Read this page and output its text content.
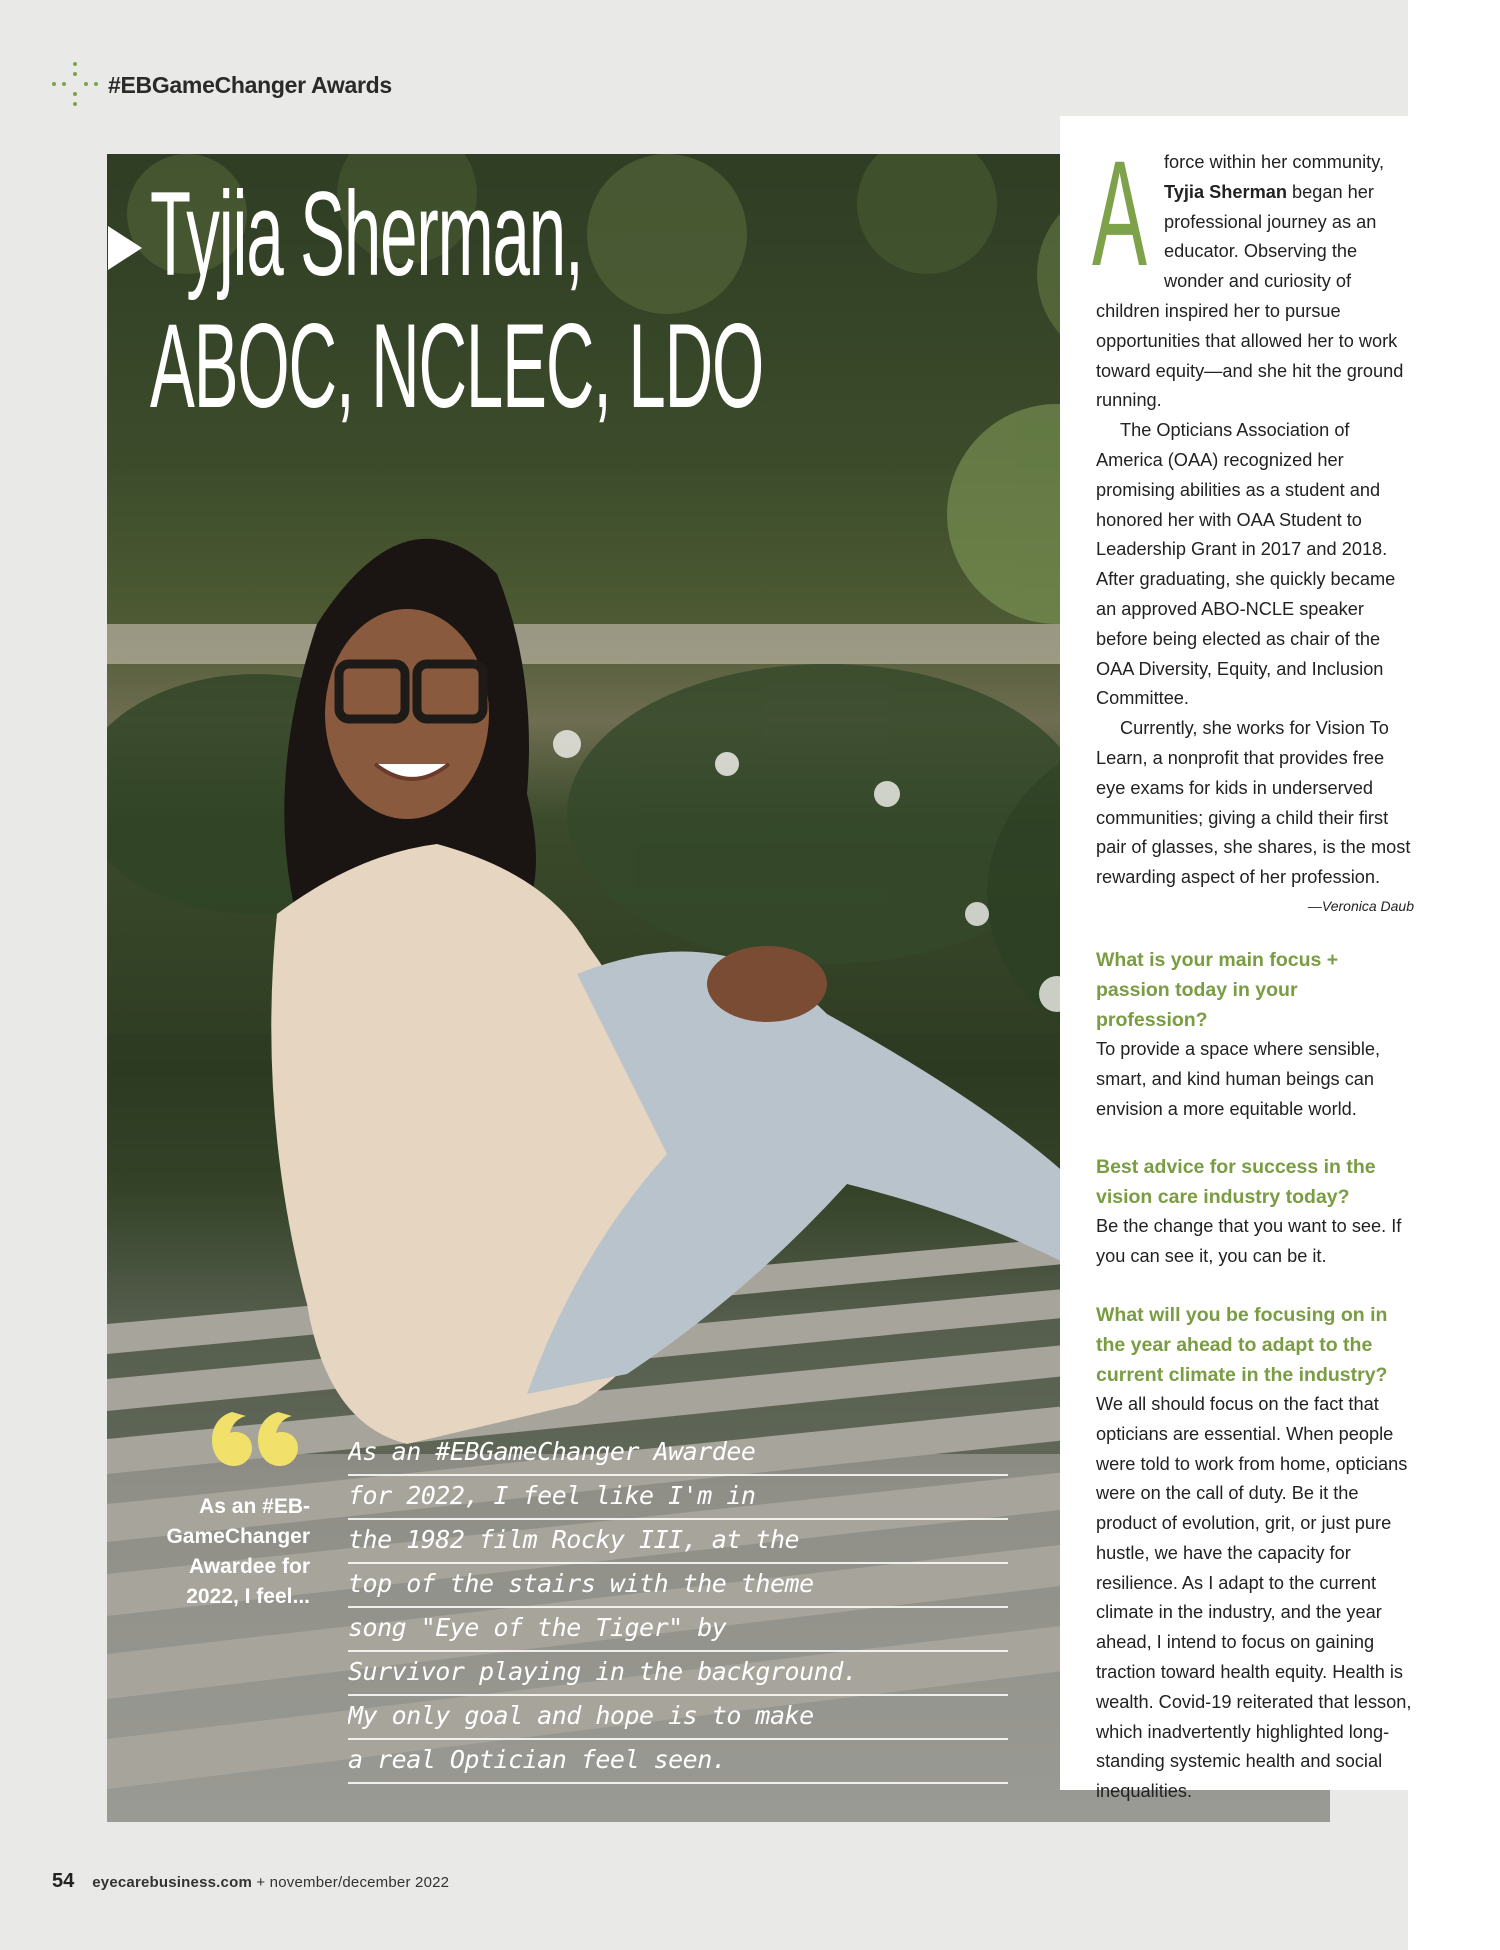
#EBGameChanger Awards
Tyjia Sherman,
ABOC, NCLEC, LDO
As an #EB-
GameChanger
Awardee for
2022, I feel...
As an #EBGameChanger Awardee
for 2022, I feel like I'm in
the 1982 film Rocky III, at the
top of the stairs with the theme
song "Eye of the Tiger" by
Survivor playing in the background.
My only goal and hope is to make
a real Optician feel seen.
A force within her community, Tyjia Sherman began her professional journey as an educator. Observing the wonder and curiosity of children inspired her to pursue opportunities that allowed her to work toward equity—and she hit the ground running.

The Opticians Association of America (OAA) recognized her promising abilities as a student and honored her with OAA Student to Leadership Grant in 2017 and 2018. After graduating, she quickly became an approved ABO-NCLE speaker before being elected as chair of the OAA Diversity, Equity, and Inclusion Committee.

Currently, she works for Vision To Learn, a nonprofit that provides free eye exams for kids in underserved communities; giving a child their first pair of glasses, she shares, is the most rewarding aspect of her profession.

—Veronica Daub

What is your main focus + passion today in your profession?

To provide a space where sensible, smart, and kind human beings can envision a more equitable world.

Best advice for success in the vision care industry today?

Be the change that you want to see. If you can see it, you can be it.

What will you be focusing on in the year ahead to adapt to the current climate in the industry?

We all should focus on the fact that opticians are essential. When people were told to work from home, opticians were on the call of duty. Be it the product of evolution, grit, or just pure hustle, we have the capacity for resilience. As I adapt to the current climate in the industry, and the year ahead, I intend to focus on gaining traction toward health equity. Health is wealth. Covid-19 reiterated that lesson, which inadvertently highlighted long-standing systemic health and social inequalities.

54 eyecarebusiness.com + november/december 2022
